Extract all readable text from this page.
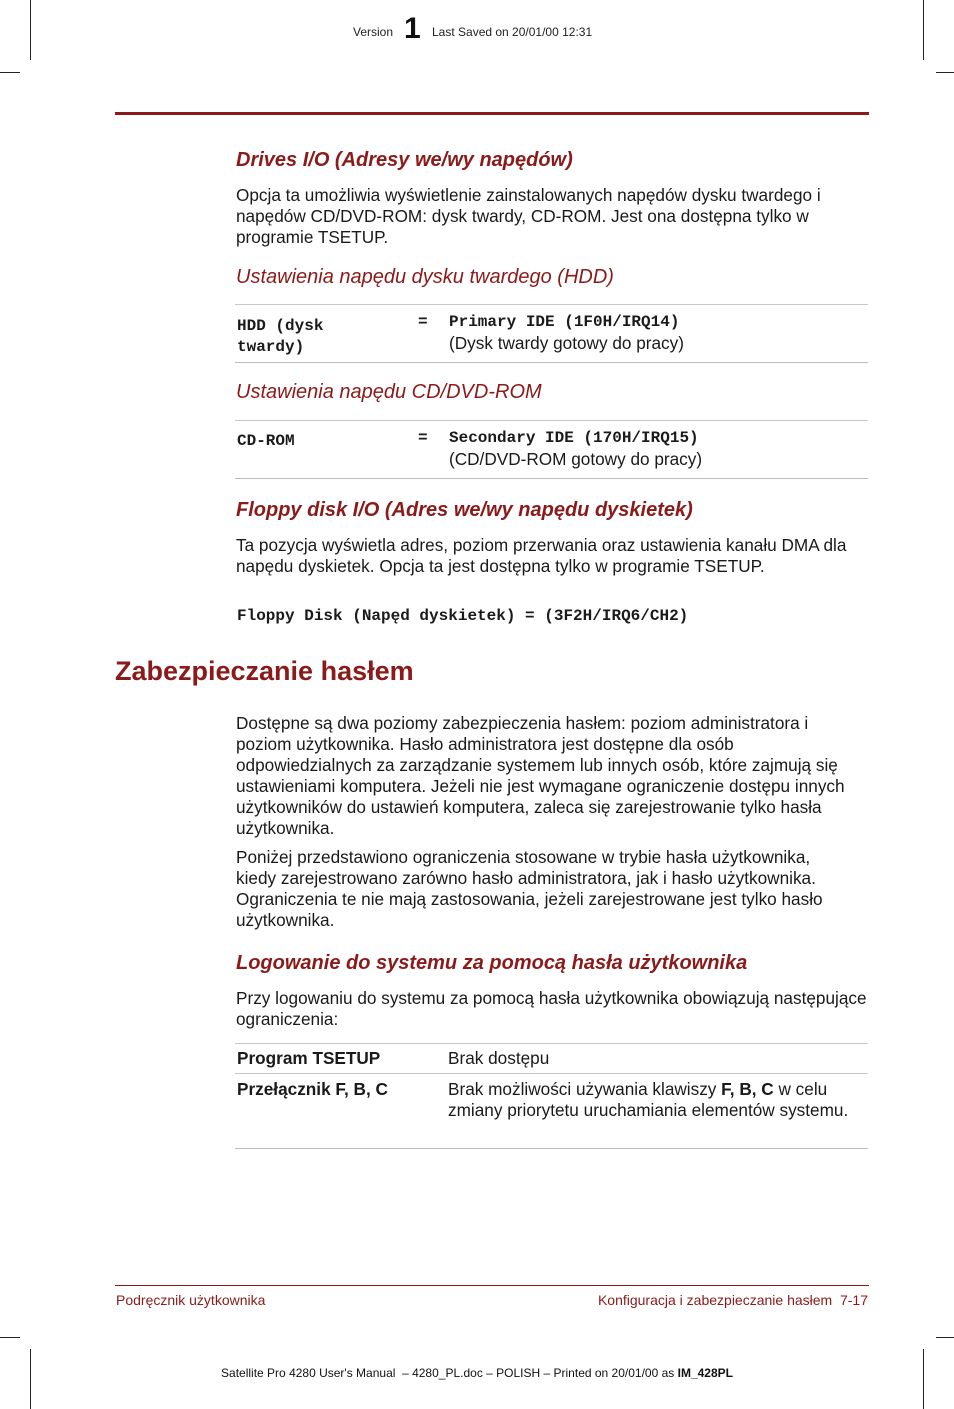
Version 1 Last Saved on 20/01/00 12:31
Drives I/O (Adresy we/wy napędów)
Opcja ta umożliwia wyświetlenie zainstalowanych napędów dysku twardego i napędów CD/DVD-ROM: dysk twardy, CD-ROM. Jest ona dostępna tylko w programie TSETUP.
Ustawienia napędu dysku twardego (HDD)
HDD (dysk
twardy)
= Primary IDE (1F0H/IRQ14)
(Dysk twardy gotowy do pracy)
Ustawienia napędu CD/DVD-ROM
CD-ROM	= Secondary IDE (170H/IRQ15)
(CD/DVD-ROM gotowy do pracy)
Floppy disk I/O (Adres we/wy napędu dyskietek)
Ta pozycja wyświetla adres, poziom przerwania oraz ustawienia kanału DMA dla napędu dyskietek. Opcja ta jest dostępna tylko w programie TSETUP.
Floppy Disk (Napęd dyskietek) = (3F2H/IRQ6/CH2)
Zabezpieczanie hasłem
Dostępne są dwa poziomy zabezpieczenia hasłem: poziom administratora i poziom użytkownika. Hasło administratora jest dostępne dla osób odpowiedzialnych za zarządzanie systemem lub innych osób, które zajmują się ustawieniami komputera. Jeżeli nie jest wymagane ograniczenie dostępu innych użytkowników do ustawień komputera, zaleca się zarejestrowanie tylko hasła użytkownika.
Poniżej przedstawiono ograniczenia stosowane w trybie hasła użytkownika, kiedy zarejestrowano zarówno hasło administratora, jak i hasło użytkownika. Ograniczenia te nie mają zastosowania, jeżeli zarejestrowane jest tylko hasło użytkownika.
Logowanie do systemu za pomocą hasła użytkownika
Przy logowaniu do systemu za pomocą hasła użytkownika obowiązują następujące ograniczenia:
Program TSETUP	Brak dostępu
Przełącznik F, B, C	Brak możliwości używania klawiszy F, B, C w celu zmiany priorytetu uruchamiania elementów systemu.
Podręcznik użytkownika	Konfiguracja i zabezpieczanie hasłem  7-17
Satellite Pro 4280 User's Manual  – 4280_PL.doc – POLISH – Printed on 20/01/00 as IM_428PL
